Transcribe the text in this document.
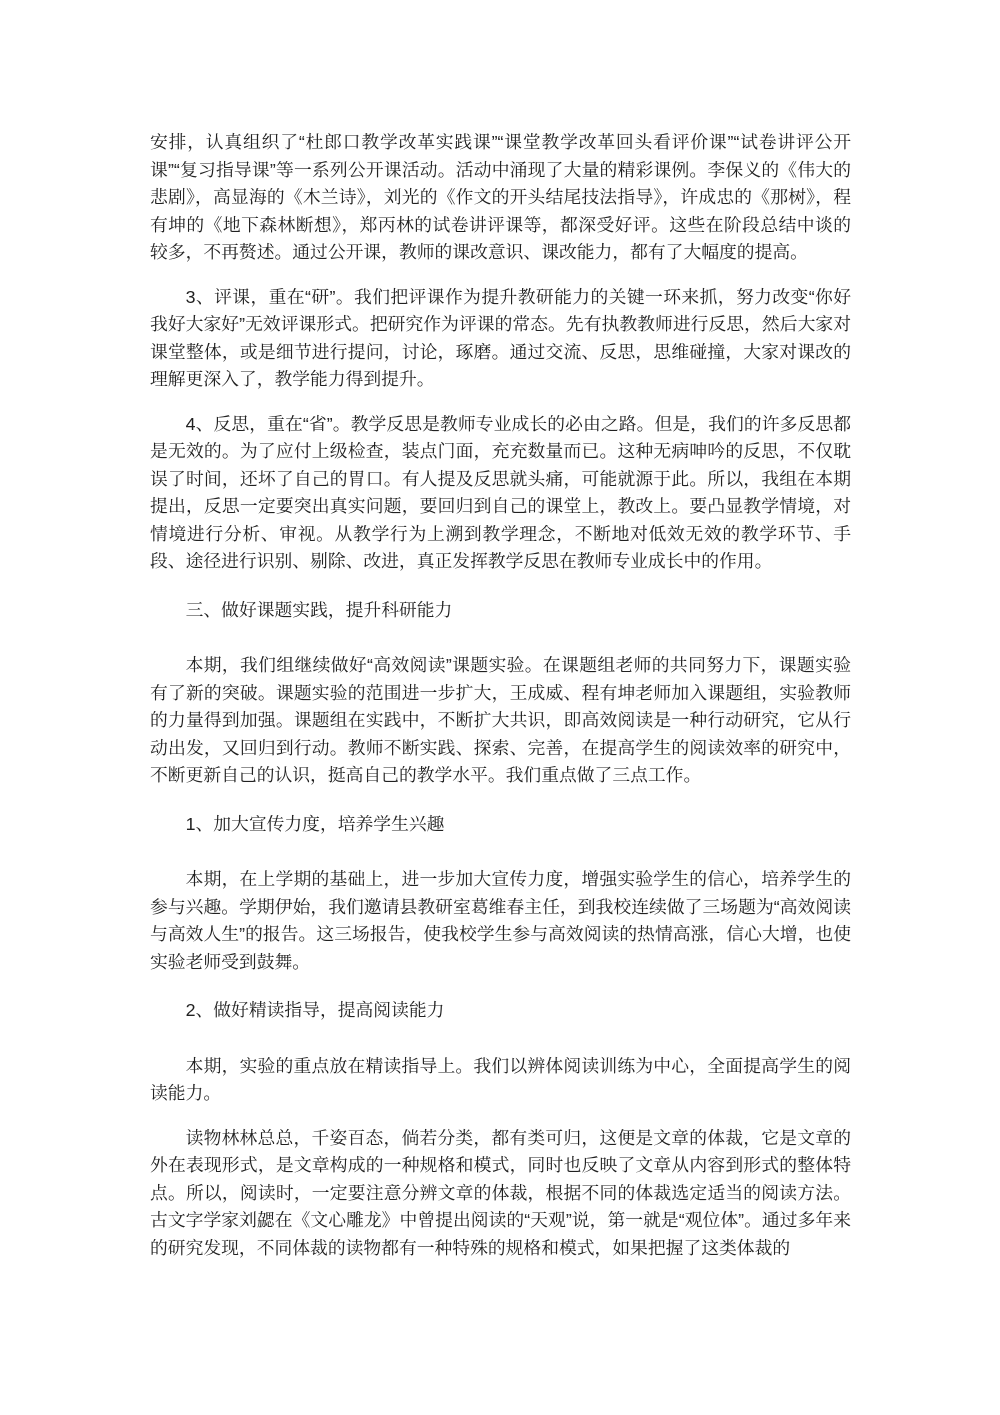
安排，认真组织了“杜郎口教学改革实践课”“课堂教学改革回头看评价课”“试卷讲评公开课”“复习指导课”等一系列公开课活动。活动中涌现了大量的精彩课例。李保义的《伟大的悲剧》，高显海的《木兰诗》，刘光的《作文的开头结尾技法指导》，许成忠的《那树》，程有坤的《地下森林断想》，郑丙林的试卷讲评课等，都深受好评。这些在阶段总结中谈的较多，不再赘述。通过公开课，教师的课改意识、课改能力，都有了大幅度的提高。

3、评课，重在“研”。我们把评课作为提升教研能力的关键一环来抓，努力改变“你好我好大家好”无效评课形式。把研究作为评课的常态。先有执教教师进行反思，然后大家对课堂整体，或是细节进行提问，讨论，琢磨。通过交流、反思，思维碰撞，大家对课改的理解更深入了，教学能力得到提升。

4、反思，重在“省”。教学反思是教师专业成长的必由之路。但是，我们的许多反思都是无效的。为了应付上级检查，装点门面，充充数量而已。这种无病呻吟的反思，不仅耽误了时间，还坏了自己的胃口。有人提及反思就头痛，可能就源于此。所以，我组在本期提出，反思一定要突出真实问题，要回归到自己的课堂上，教改上。要凸显教学情境，对情境进行分析、审视。从教学行为上溯到教学理念，不断地对低效无效的教学环节、手段、途径进行识别、剔除、改进，真正发挥教学反思在教师专业成长中的作用。

三、做好课题实践，提升科研能力

本期，我们组继续做好“高效阅读”课题实验。在课题组老师的共同努力下，课题实验有了新的突破。课题实验的范围进一步扩大，王成威、程有坤老师加入课题组，实验教师的力量得到加强。课题组在实践中，不断扩大共识，即高效阅读是一种行动研究，它从行动出发，又回归到行动。教师不断实践、探索、完善，在提高学生的阅读效率的研究中，不断更新自己的认识，挺高自己的教学水平。我们重点做了三点工作。

1、加大宣传力度，培养学生兴趣

本期，在上学期的基础上，进一步加大宣传力度，增强实验学生的信心，培养学生的参与兴趣。学期伊始，我们邀请县教研室葛维春主任，到我校连续做了三场题为“高效阅读与高效人生”的报告。这三场报告，使我校学生参与高效阅读的热情高涨，信心大增，也使实验老师受到鼓舞。

2、做好精读指导，提高阅读能力

本期，实验的重点放在精读指导上。我们以辨体阅读训练为中心，全面提高学生的阅读能力。

读物林林总总，千姿百态，倘若分类，都有类可归，这便是文章的体裁，它是文章的外在表现形式，是文章构成的一种规格和模式，同时也反映了文章从内容到形式的整体特点。所以，阅读时，一定要注意分辨文章的体裁，根据不同的体裁选定适当的阅读方法。古文字学家刘勰在《文心雕龙》中曾提出阅读的“天观”说，第一就是“观位体”。通过多年来的研究发现，不同体裁的读物都有一种特殊的规格和模式，如果把握了这类体裁的
